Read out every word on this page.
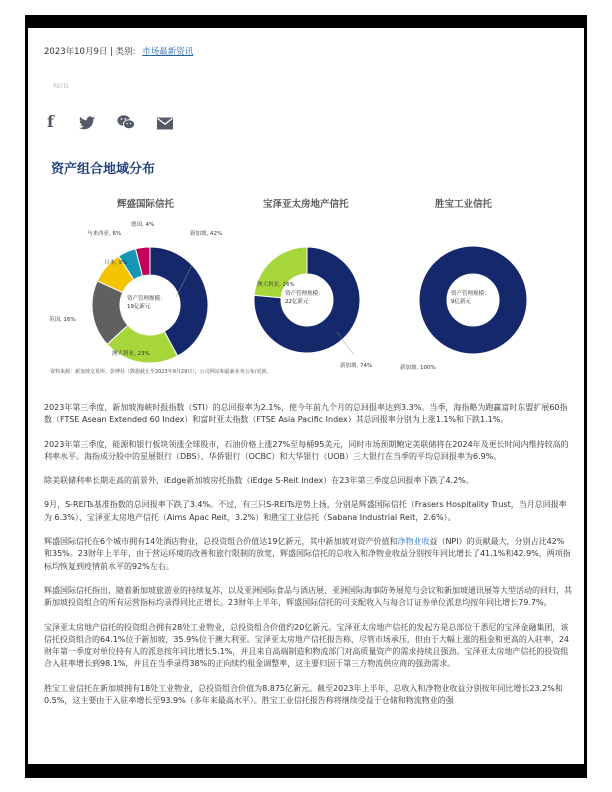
2023年10月9日 | 类别: 市场最新资讯
REITs
f
资产组合地域分布
辉盛国际信托
新加坡, 42%
澳大利亚, 23%
英国, 16%
日本, 9%
马来西亚, 6%
德国, 4%
资产管理规模：
19亿新元
宝泽亚太房地产信托
新加坡, 74%
澳大利亚, 26%
资产管理规模：
22亿新元
胜宝工业信托
新加坡, 100%
资产管理规模：
9亿新元
资料来源：新加坡交易所、彭博社（数据截止至2023年9月29日），公司网站和最新业务公布/更新。

2023年第三季度，新加坡海峡时报指数（STI）的总回报率为2.1%，使今年前九个月的总回报率达到3.3%。当季，海指略为跑赢富时东盟扩展60指数（FTSE Asean Extended 60 Index）和富时亚太指数（FTSE Asia Pacific Index）其总回报率分别为上涨1.1%和下跌1.1%。

2023年第三季度，能源和银行板块领涨全球股市，石油价格上涨27%至每桶95美元，同时市场预期鲍定美联储将在2024年及更长时间内维持较高的利率水平。海指成分股中的星展银行（DBS）、华侨银行（OCBC）和大华银行（UOB）三大银行在当季的平均总回报率为6.9%。

除美联储利率长期走高的前景外，iEdge新加坡房托指数（iEdge S-Reit Index）在23年第三季度总回报率下跌了4.2%。

9月，S-REITs基准指数的总回报率下跌了3.4%。不过，有三只S-REITs逆势上扬，分别是辉盛国际信托（Frasers Hospitality Trust，当月总回报率为 6.3%）、宝泽亚太房地产信托（Aims Apac Reit，3.2%）和胜宝工业信托（Sabana Industrial Reit，2.6%）。

辉盛国际信托在6个城市拥有14处酒店物业，总投资组合价值达19亿新元，其中新加坡对资产价值和净物业收益（NPI）的贡献最大，分别占比42%和35%。23财年上半年，由于营运环境的改善和旅行限制的放宽，辉盛国际信托的总收入和净物业收益分别按年同比增长了41.1%和42.9%，两项指标均恢复到疫情前水平的92%左右。

辉盛国际信托指出，随着新加坡旅游业的持续复苏，以及亚洲国际食品与酒店展、亚洲国际海事防务展览与会议和新加坡通讯展等大型活动的回归，其新加坡投资组合的所有运营指标均录得同比正增长。23财年上半年，辉盛国际信托的可支配收入与每合订证券单位派息均按年同比增长79.7%。

宝泽亚太房地产信托的投资组合拥有28处工业物业，总投资组合价值约20亿新元。宝泽亚太房地产信托的发起方是总部位于悉尼的宝泽金融集团，该信托投资组合的64.1%位于新加坡，35.9%位于澳大利亚。宝泽亚太房地产信托报告称，尽管市场承压，但由于大幅上涨的租金和更高的入驻率，24财年第一季度对单位持有人的派息按年同比增长5.1%，并且来自高端制造和物流部门对高质量资产的需求持续且强劲。宝泽亚太房地产信托的投资组合入驻率增长到98.1%，并且在当季录得38%的正向续约租金调整率，这主要归因于第三方物流供应商的强劲需求。

胜宝工业信托在新加坡拥有18处工业物业，总投资组合价值为8.875亿新元。截至2023年上半年，总收入和净物业收益分别按年同比增长23.2%和0.5%，这主要由于入驻率增长至93.9%（多年来最高水平）。胜宝工业信托报告称将继续受益于仓储和物流物业的强
